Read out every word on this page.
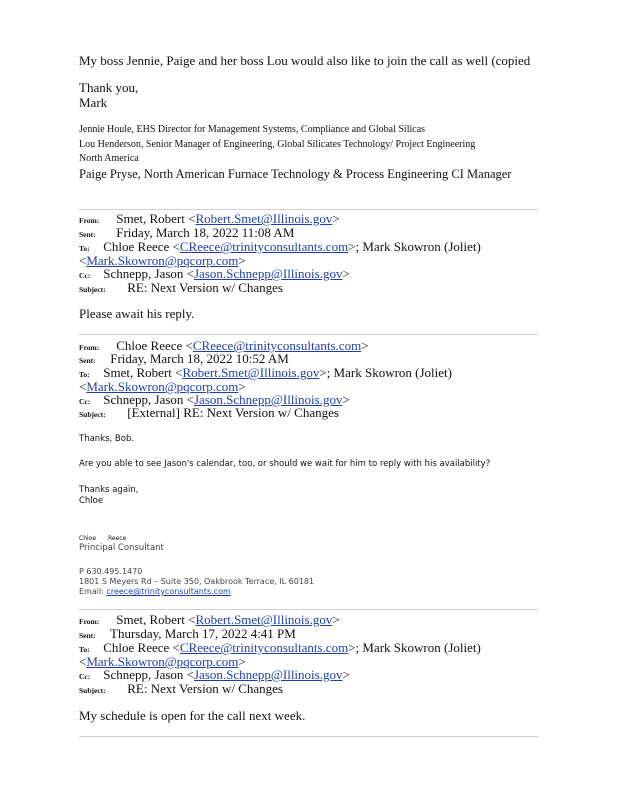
My boss Jennie, Paige and her boss Lou would also like to join the call as well (copied
Thank you,
Mark
Jennie Houle, EHS Director for Management Systems, Compliance and Global Silicas
Lou Henderson, Senior Manager of Engineering, Global Silicates Technology/ Project Engineering
North America
Paige Pryse, North American Furnace Technology & Process Engineering CI Manager
From: Smet, Robert <Robert.Smet@Illinois.gov>
Sent: Friday, March 18, 2022 11:08 AM
To: Chloe Reece <CReece@trinityconsultants.com>; Mark Skowron (Joliet)
<Mark.Skowron@pqcorp.com>
Cc: Schnepp, Jason <Jason.Schnepp@Illinois.gov>
Subject: RE: Next Version w/ Changes
Please await his reply.
From: Chloe Reece <CReece@trinityconsultants.com>
Sent: Friday, March 18, 2022 10:52 AM
To: Smet, Robert <Robert.Smet@Illinois.gov>; Mark Skowron (Joliet)
<Mark.Skowron@pqcorp.com>
Cc: Schnepp, Jason <Jason.Schnepp@Illinois.gov>
Subject: [External] RE: Next Version w/ Changes
Thanks, Bob.
Are you able to see Jason's calendar, too, or should we wait for him to reply with his availability?
Thanks again,
Chloe
Chloe Reece
Principal Consultant
P 630.495.1470
1801 S Meyers Rd – Suite 350, Oakbrook Terrace, IL 60181
Email: creece@trinityconsultants.com
From: Smet, Robert <Robert.Smet@Illinois.gov>
Sent: Thursday, March 17, 2022 4:41 PM
To: Chloe Reece <CReece@trinityconsultants.com>; Mark Skowron (Joliet)
<Mark.Skowron@pqcorp.com>
Cc: Schnepp, Jason <Jason.Schnepp@Illinois.gov>
Subject: RE: Next Version w/ Changes
My schedule is open for the call next week.
